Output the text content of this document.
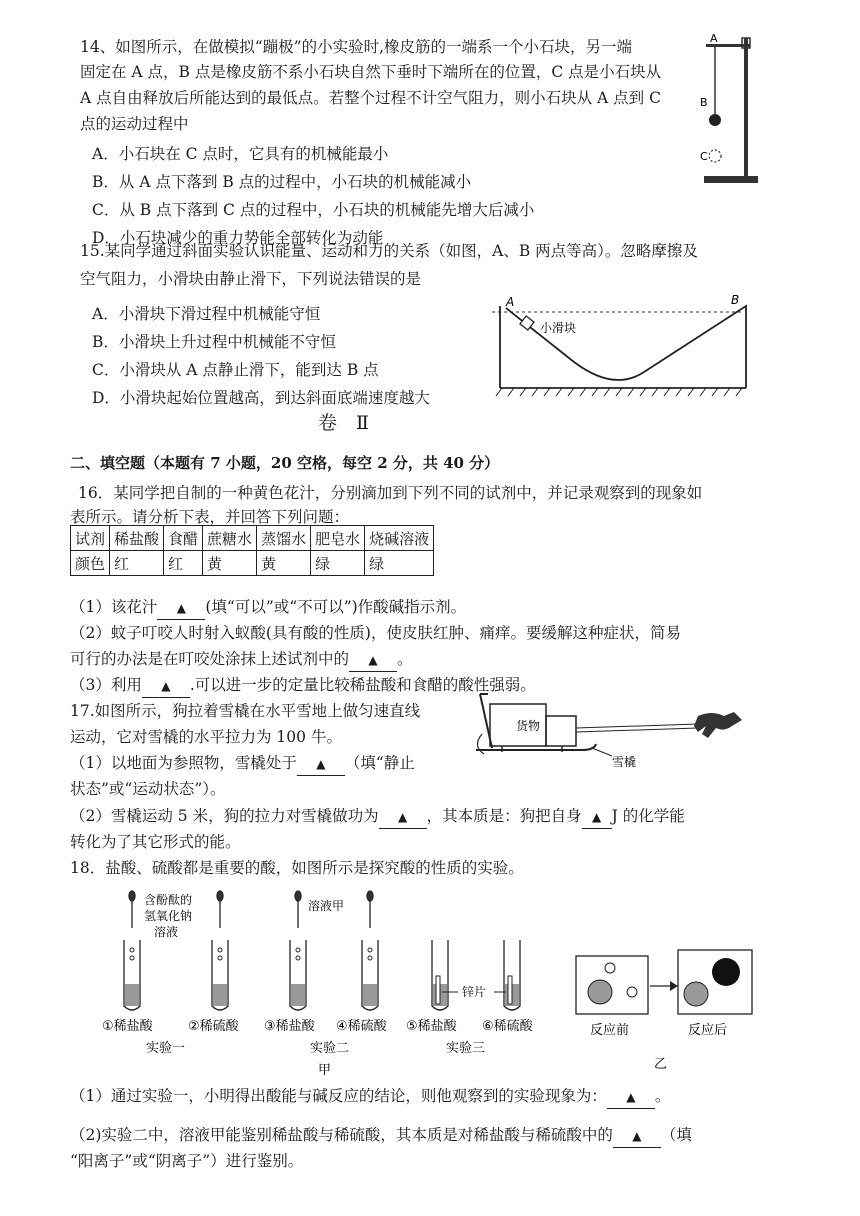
14、如图所示，在做模拟“蹦极”的小实验时,橡皮筋的一端系一个小石块，另一端
固定在 A 点，B 点是橡皮筋不系小石块自然下垂时下端所在的位置，C 点是小石块从
A 点自由释放后所能达到的最低点。若整个过程不计空气阻力，则小石块从 A 点到 C
点的运动过程中
A．小石块在 C 点时，它具有的机械能最小
B．从 A 点下落到 B 点的过程中，小石块的机械能减小
C．从 B 点下落到 C 点的过程中，小石块的机械能先增大后减小
D．小石块减少的重力势能全部转化为动能
A
B
C
15.某同学通过斜面实验认识能量、运动和力的关系（如图，A、B 两点等高）。忽略摩擦及
空气阻力，小滑块由静止滑下，下列说法错误的是
A．小滑块下滑过程中机械能守恒
B．小滑块上升过程中机械能不守恒
C．小滑块从 A 点静止滑下，能到达 B 点
D．小滑块起始位置越高，到达斜面底端速度越大
A	B
小滑块
卷　Ⅱ
二、填空题（本题有 7 小题，20 空格，每空 2 分，共 40 分）
16．某同学把自制的一种黄色花汁，分别滴加到下列不同的试剂中，并记录观察到的现象如
表所示。请分析下表，并回答下列问题：
试剂	稀盐酸	食醋	蔗糖水	蒸馏水	肥皂水	烧碱溶液
颜色	红	红	黄	黄	绿	绿
（1）该花汁 ▲ (填“可以”或“不可以”)作酸碱指示剂。
（2）蚊子叮咬人时射入蚁酸(具有酸的性质)，使皮肤红肿、痛痒。要缓解这种症状，简易
可行的办法是在叮咬处涂抹上述试剂中的 ▲ 。
（3）利用 ▲ .可以进一步的定量比较稀盐酸和食醋的酸性强弱。
17.如图所示，狗拉着雪橇在水平雪地上做匀速直线
运动，它对雪橇的水平拉力为 100 牛。
（1）以地面为参照物，雪橇处于 ▲ （填“静止
状态”或“运动状态”）。
（2）雪橇运动 5 米，狗的拉力对雪橇做功为 ▲ ，其本质是：狗把自身 ▲ J 的化学能
转化为了其它形式的能。
货物
雪橇
18．盐酸、硫酸都是重要的酸，如图所示是探究酸的性质的实验。
含酚酞的
氢氧化钠
溶液
溶液甲
锌片
①稀盐酸	②稀硫酸 ③稀盐酸 ④稀硫酸 ⑤稀盐酸 ⑥稀硫酸
实验一	实验二	实验三
甲
反应前	反应后
乙
（1）通过实验一，小明得出酸能与碱反应的结论，则他观察到的实验现象为： ▲ 。
（2)实验二中，溶液甲能鉴别稀盐酸与稀硫酸，其本质是对稀盐酸与稀硫酸中的 ▲ （填
“阳离子”或“阴离子”）进行鉴别。
